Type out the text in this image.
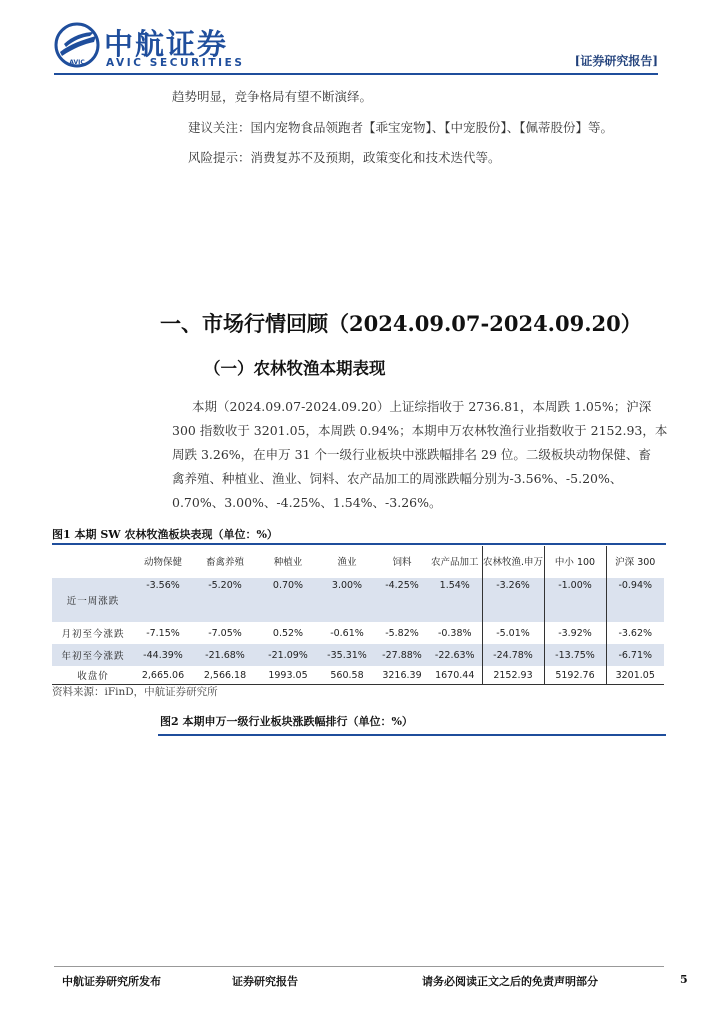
AVIC
中航证券
AVIC SECURITIES	[证券研究报告]
趋势明显，竞争格局有望不断演绎。
建议关注：国内宠物食品领跑者【乖宝宠物】、【中宠股份】、【佩蒂股份】等。
风险提示：消费复苏不及预期，政策变化和技术迭代等。
一、市场行情回顾（2024.09.07-2024.09.20）
（一）农林牧渔本期表现

本期（2024.09.07-2024.09.20）上证综指收于 2736.81，本周跌 1.05%；沪深

300 指数收于 3201.05，本周跌 0.94%；本期申万农林牧渔行业指数收于 2152.93，本

周跌 3.26%，在申万 31 个一级行业板块中涨跌幅排名 29 位。二级板块动物保健、畜

禽养殖、种植业、渔业、饲料、农产品加工的周涨跌幅分别为-3.56%、-5.20%、

0.70%、3.00%、-4.25%、1.54%、-3.26%。

图1 本期 SW 农林牧渔板块表现（单位：%）
	动物保健	畜禽养殖	种植业	渔业	饲料	农产品加工	农林牧渔.申万	中小 100	沪深 300
近一周涨跌	-3.56%	-5.20%	0.70%	3.00%	-4.25%	1.54%	-3.26%	-1.00%	-0.94%
月初至今涨跌	-7.15%	-7.05%	0.52%	-0.61%	-5.82%	-0.38%	-5.01%	-3.92%	-3.62%
年初至今涨跌	-44.39%	-21.68%	-21.09%	-35.31%	-27.88%	-22.63%	-24.78%	-13.75%	-6.71%
收盘价	2,665.06	2,566.18	1993.05	560.58	3216.39	1670.44	2152.93	5192.76	3201.05
资料来源：iFinD，中航证券研究所
图2 本期申万一级行业板块涨跌幅排行（单位：%）
中航证券研究所发布	证券研究报告	请务必阅读正文之后的免责声明部分	5
